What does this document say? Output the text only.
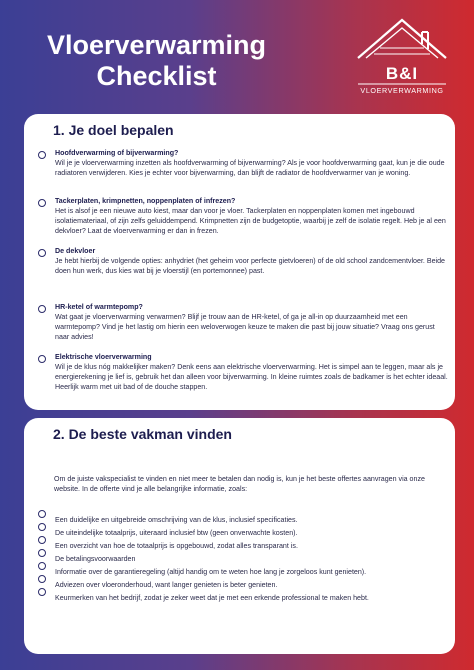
Vloerverwarming
Checklist	B&I
VLOERVERWARMING
1. Je doel bepalen
Hoofdverwarming of bijverwarming?
Wil je je vloerverwarming inzetten als hoofdverwarming of bijverwarming? Als je voor hoofdverwarming gaat, kun je die oude radiatoren verwijderen. Kies je echter voor bijverwarming, dan blijft de radiator de hoofdverwarmer van je woning.
Tackerplaten, krimpnetten, noppenplaten of infrezen?
Het is alsof je een nieuwe auto kiest, maar dan voor je vloer. Tackerplaten en noppenplaten komen met ingebouwd isolatiemateriaal, of zijn zelfs geluiddempend. Krimpnetten zijn de budgetoptie, waarbij je zelf de isolatie regelt. Heb je al een dekvloer? Laat de vloerverwarming er dan in frezen.
De dekvloer
Je hebt hierbij de volgende opties: anhydriet (het geheim voor perfecte gietvloeren) of de old school zandcementvloer. Beide doen hun werk, dus kies wat bij je vloerstijl (en portemonnee) past.
HR-ketel of warmtepomp?
Wat gaat je vloerverwarming verwarmen? Blijf je trouw aan de HR-ketel, of ga je all-in op duurzaamheid met een warmtepomp? Vind je het lastig om hierin een weloverwogen keuze te maken die past bij jouw situatie? Vraag ons gerust naar advies!
Elektrische vloerverwarming
Wil je de klus nóg makkelijker maken? Denk eens aan elektrische vloerverwarming. Het is simpel aan te leggen, maar als je energierekening je lief is, gebruik het dan alleen voor bijverwarming. In kleine ruimtes zoals de badkamer is het echter ideaal. Heerlijk warm met uit bad of de douche stappen.
2. De beste vakman vinden
Om de juiste vakspecialist te vinden en niet meer te betalen dan nodig is, kun je het beste offertes aanvragen via onze website. In de offerte vind je alle belangrijke informatie, zoals:
Een duidelijke en uitgebreide omschrijving van de klus, inclusief specificaties.
De uiteindelijke totaalprijs, uiteraard inclusief btw (geen onverwachte kosten).
Een overzicht van hoe de totaalprijs is opgebouwd, zodat alles transparant is.
De betalingsvoorwaarden
Informatie over de garantieregeling (altijd handig om te weten hoe lang je zorgeloos kunt genieten).
Adviezen over vloeronderhoud, want langer genieten is beter genieten.
Keurmerken van het bedrijf, zodat je zeker weet dat je met een erkende professional te maken hebt.
